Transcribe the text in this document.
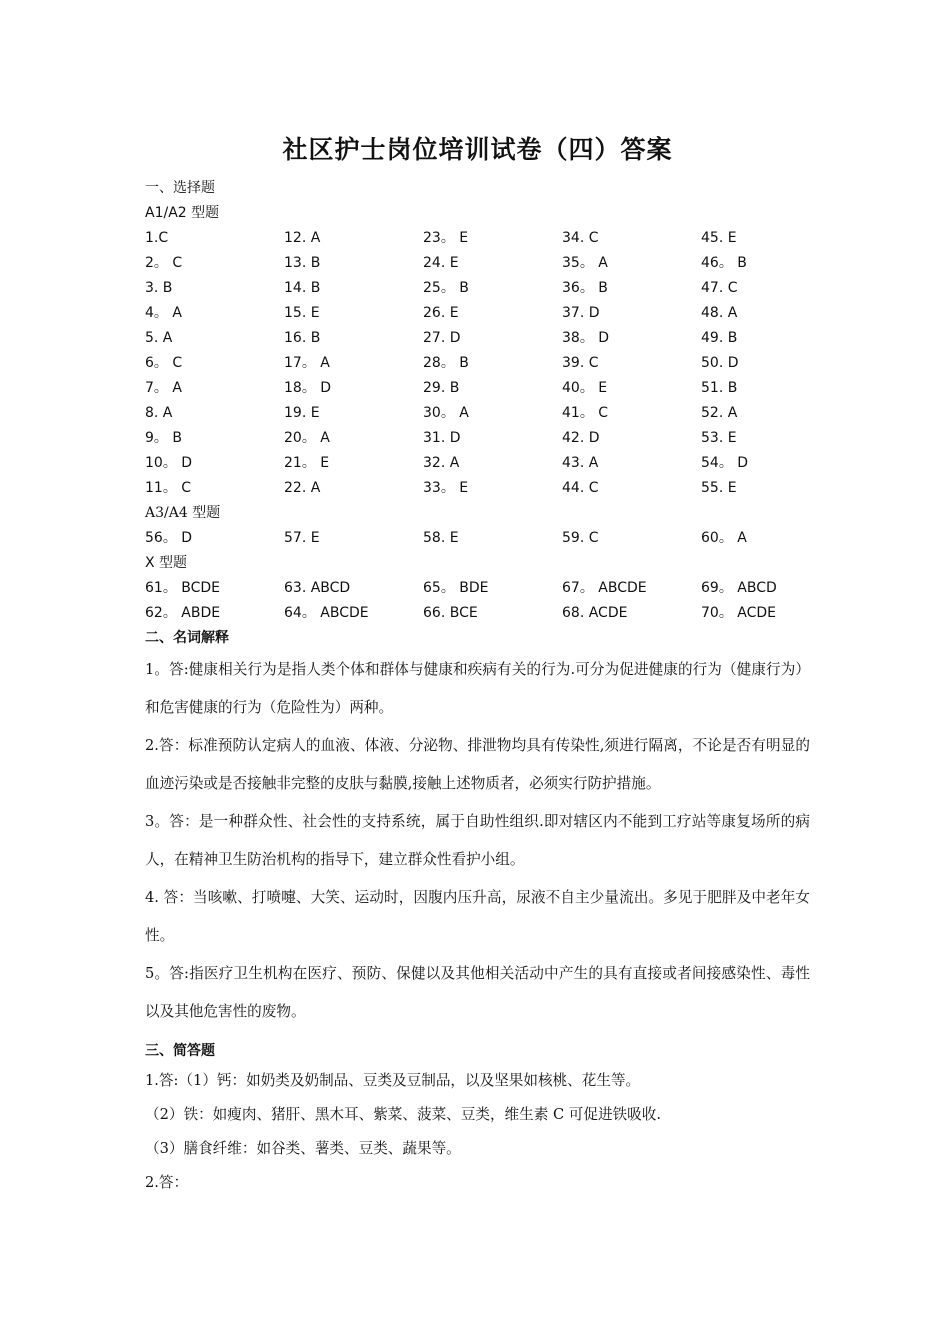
社区护士岗位培训试卷（四）答案
一、选择题
A1/A2 型题
1.C	12. A	23。 E	34. C	45. E
2。 C	13. B	24. E	35。 A	46。 B
3. B	14. B	25。 B	36。 B	47. C
4。 A	15. E	26. E	37. D	48. A
5. A	16. B	27. D	38。 D	49. B
6。 C	17。 A	28。 B	39. C	50. D
7。 A	18。 D	29. B	40。 E	51. B
8. A	19. E	30。 A	41。 C	52. A
9。 B	20。 A	31. D	42. D	53. E
10。 D	21。 E	32. A	43. A	54。 D
11。 C	22. A	33。 E	44. C	55. E
A3/A4 型题
56。 D	57. E	58. E	59. C	60。 A
X 型题
61。 BCDE	63. ABCD	65。 BDE	67。 ABCDE	69。 ABCD
62。 ABDE	64。 ABCDE	66. BCE	68. ACDE	70。 ACDE
二、名词解释

1。答:健康相关行为是指人类个体和群体与健康和疾病有关的行为.可分为促进健康的行为（健康行为）和危害健康的行为（危险性为）两种。

2.答：标准预防认定病人的血液、体液、分泌物、排泄物均具有传染性,须进行隔离，不论是否有明显的血迹污染或是否接触非完整的皮肤与黏膜,接触上述物质者，必须实行防护措施。

3。答：是一种群众性、社会性的支持系统，属于自助性组织.即对辖区内不能到工疗站等康复场所的病人，在精神卫生防治机构的指导下，建立群众性看护小组。

4. 答：当咳嗽、打喷嚏、大笑、运动时，因腹内压升高，尿液不自主少量流出。多见于肥胖及中老年女性。

5。答:指医疗卫生机构在医疗、预防、保健以及其他相关活动中产生的具有直接或者间接感染性、毒性以及其他危害性的废物。

三、简答题

1.答:（1）钙：如奶类及奶制品、豆类及豆制品，以及坚果如核桃、花生等。

（2）铁：如瘦肉、猪肝、黑木耳、紫菜、菠菜、豆类，维生素 C 可促进铁吸收.

（3）膳食纤维：如谷类、薯类、豆类、蔬果等。

2.答：
